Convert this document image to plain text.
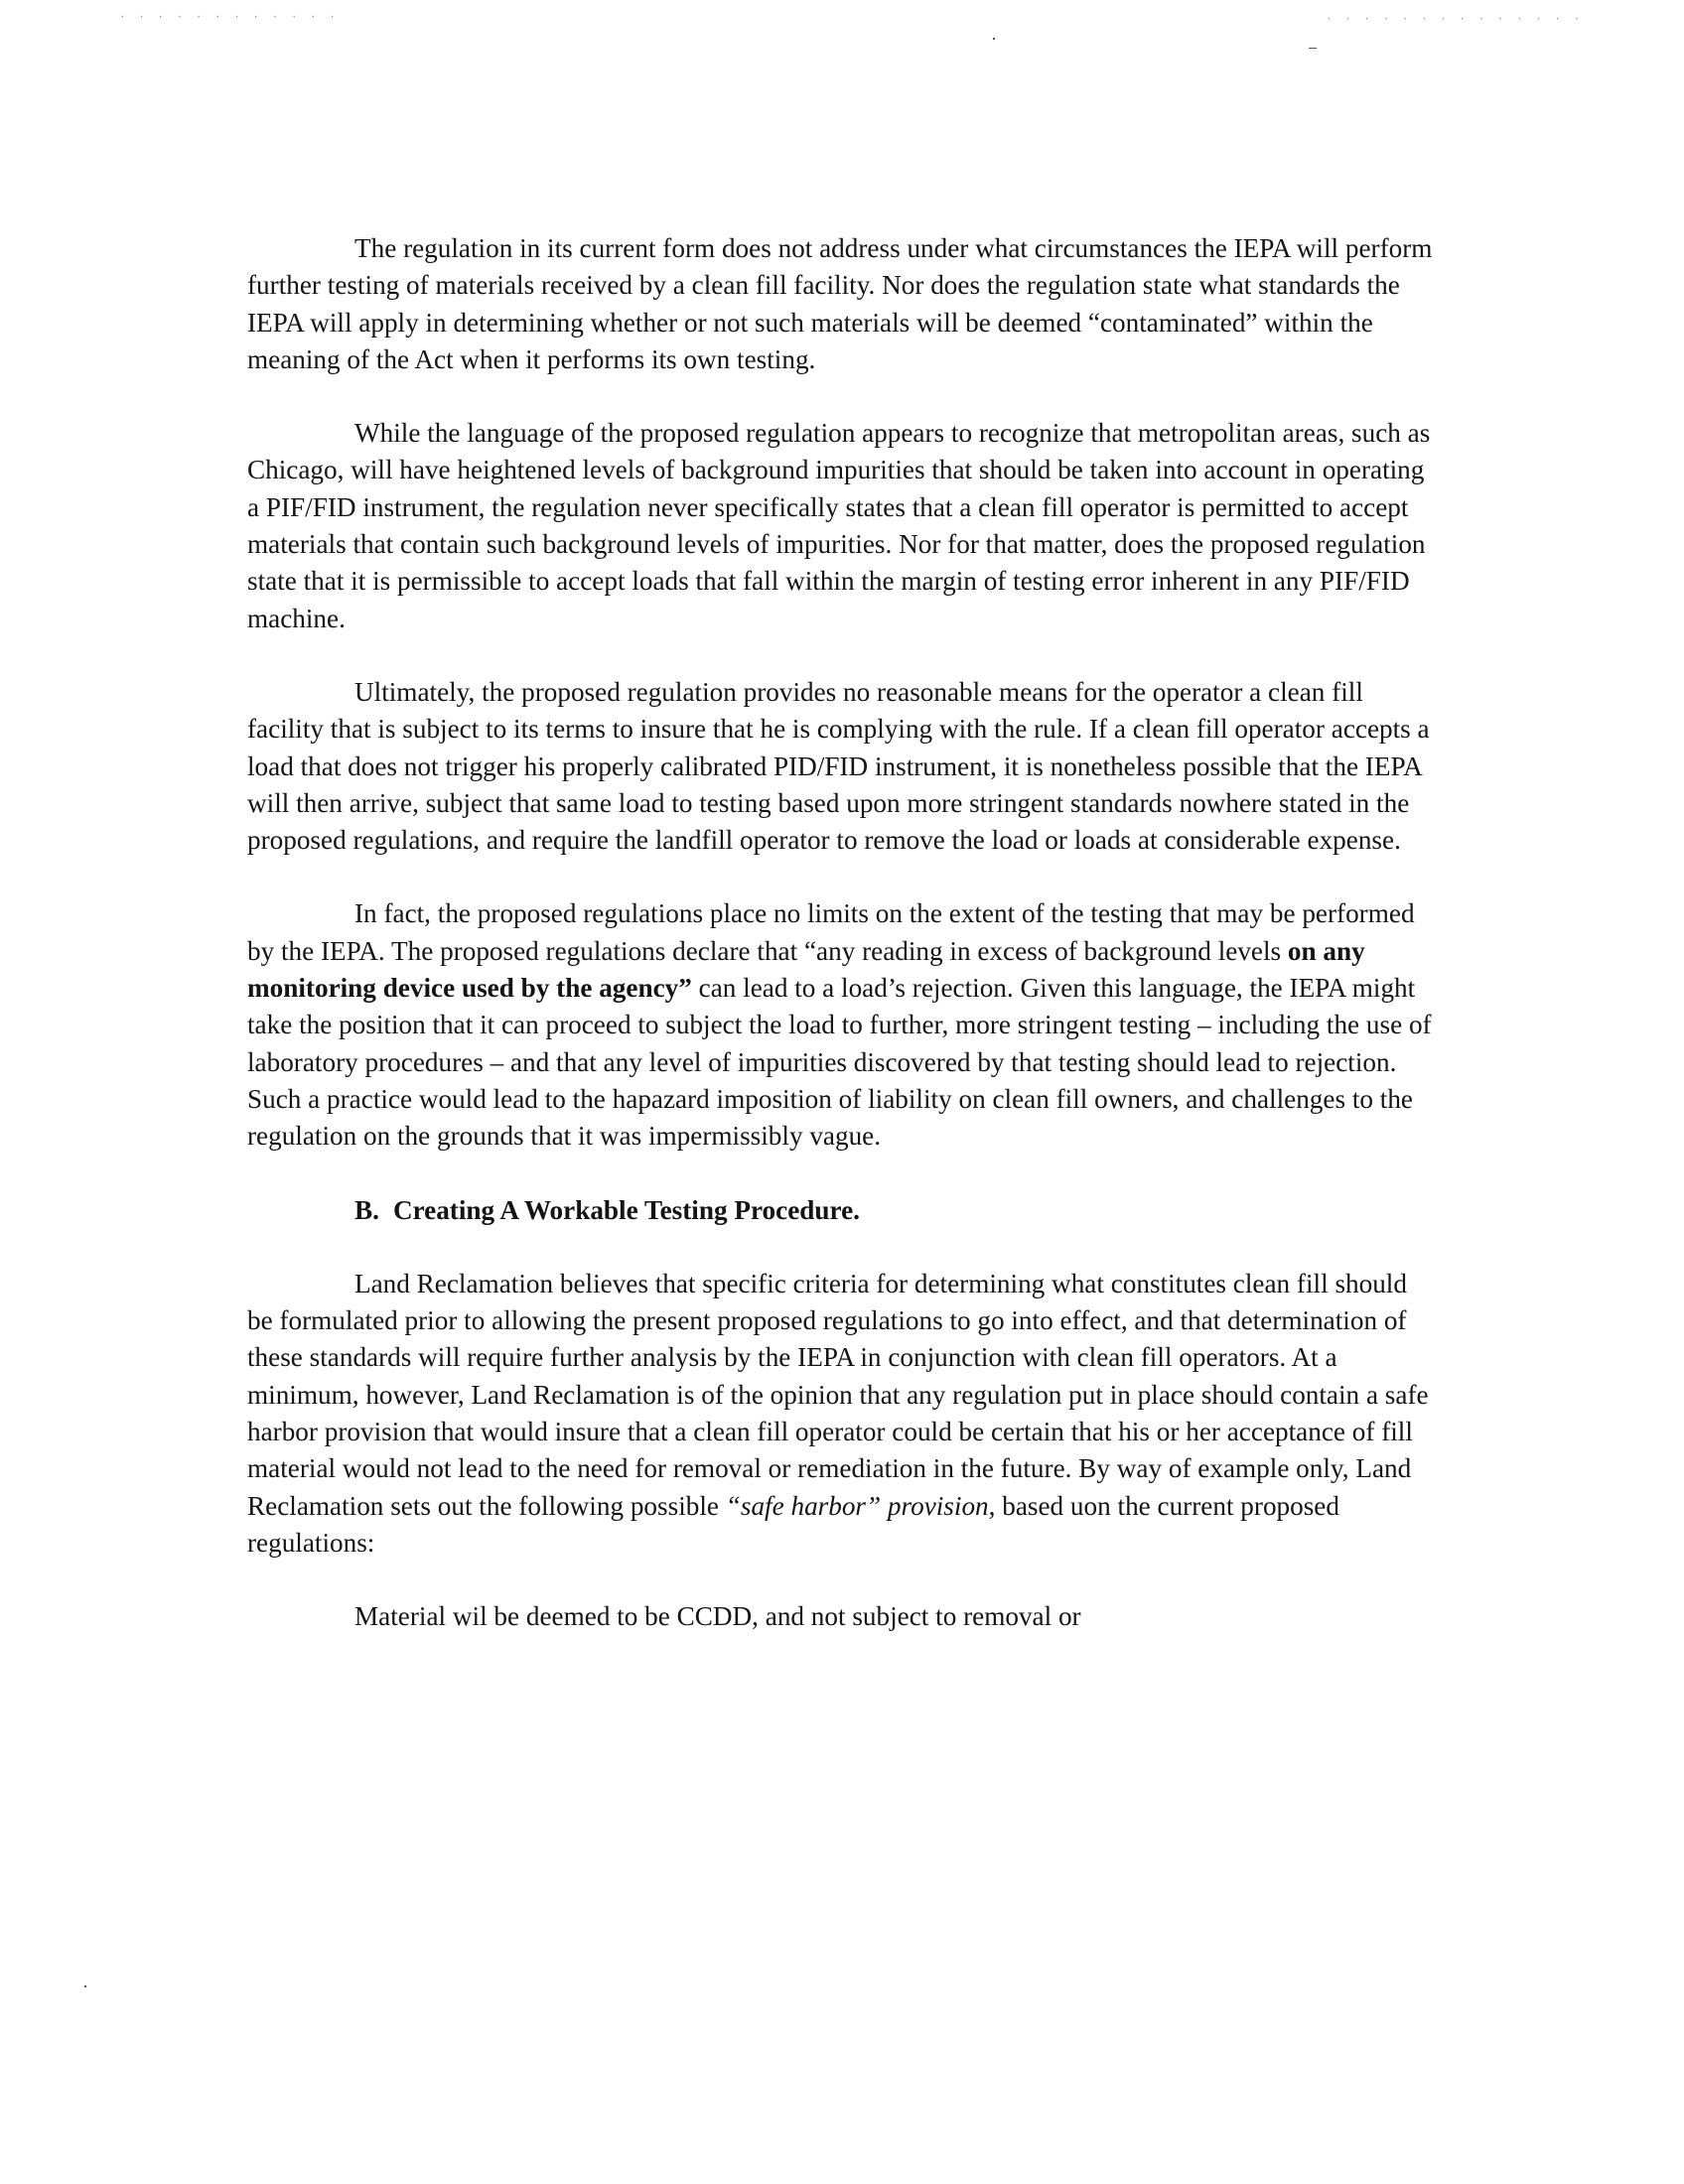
· · · · · · · · · · · ·	· · · · · · · · · · · · · ·

The regulation in its current form does not address under what circumstances the IEPA will perform further testing of materials received by a clean fill facility. Nor does the regulation state what standards the IEPA will apply in determining whether or not such materials will be deemed “contaminated” within the meaning of the Act when it performs its own testing.

While the language of the proposed regulation appears to recognize that metropolitan areas, such as Chicago, will have heightened levels of background impurities that should be taken into account in operating a PIF/FID instrument, the regulation never specifically states that a clean fill operator is permitted to accept materials that contain such background levels of impurities. Nor for that matter, does the proposed regulation state that it is permissible to accept loads that fall within the margin of testing error inherent in any PIF/FID machine.

Ultimately, the proposed regulation provides no reasonable means for the operator a clean fill facility that is subject to its terms to insure that he is complying with the rule. If a clean fill operator accepts a load that does not trigger his properly calibrated PID/FID instrument, it is nonetheless possible that the IEPA will then arrive, subject that same load to testing based upon more stringent standards nowhere stated in the proposed regulations, and require the landfill operator to remove the load or loads at considerable expense.

In fact, the proposed regulations place no limits on the extent of the testing that may be performed by the IEPA. The proposed regulations declare that “any reading in excess of background levels on any monitoring device used by the agency” can lead to a load’s rejection. Given this language, the IEPA might take the position that it can proceed to subject the load to further, more stringent testing – including the use of laboratory procedures – and that any level of impurities discovered by that testing should lead to rejection. Such a practice would lead to the hapazard imposition of liability on clean fill owners, and challenges to the regulation on the grounds that it was impermissibly vague.

B. Creating A Workable Testing Procedure.

Land Reclamation believes that specific criteria for determining what constitutes clean fill should be formulated prior to allowing the present proposed regulations to go into effect, and that determination of these standards will require further analysis by the IEPA in conjunction with clean fill operators. At a minimum, however, Land Reclamation is of the opinion that any regulation put in place should contain a safe harbor provision that would insure that a clean fill operator could be certain that his or her acceptance of fill material would not lead to the need for removal or remediation in the future. By way of example only, Land Reclamation sets out the following possible “safe harbor” provision, based uon the current proposed regulations:

Material wil be deemed to be CCDD, and not subject to removal or
